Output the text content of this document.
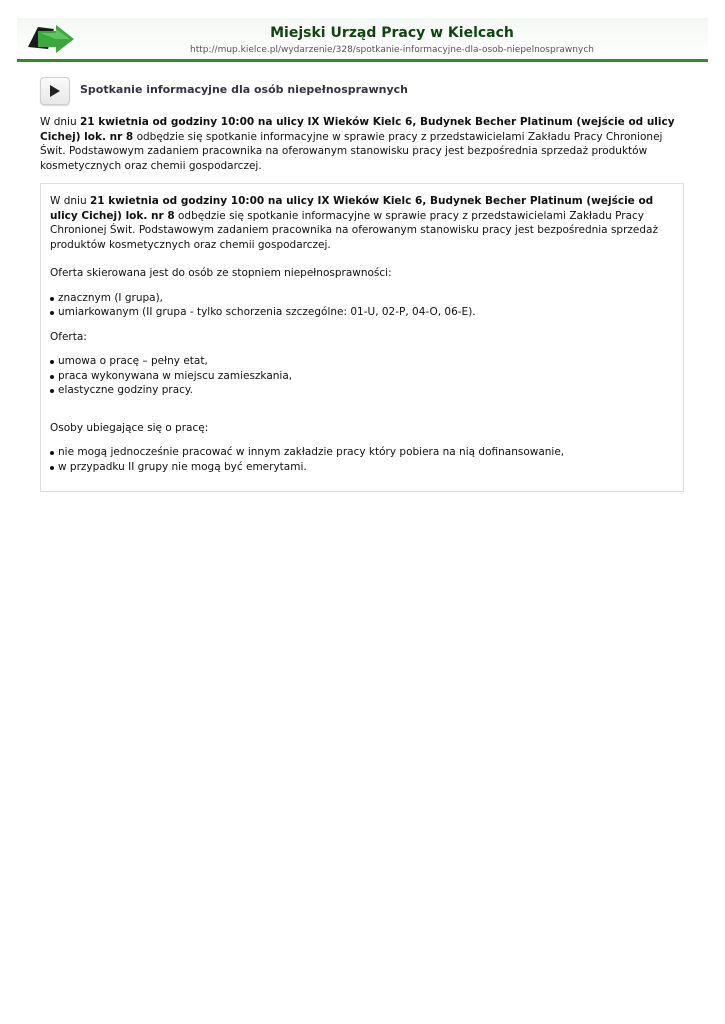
Miejski Urząd Pracy w Kielcach
http://mup.kielce.pl/wydarzenie/328/spotkanie-informacyjne-dla-osob-niepelnosprawnych
Spotkanie informacyjne dla osób niepełnosprawnych
W dniu 21 kwietnia od godziny 10:00 na ulicy IX Wieków Kielc 6, Budynek Becher Platinum (wejście od ulicy Cichej) lok. nr 8 odbędzie się spotkanie informacyjne w sprawie pracy z przedstawicielami Zakładu Pracy Chronionej Świt. Podstawowym zadaniem pracownika na oferowanym stanowisku pracy jest bezpośrednia sprzedaż produktów kosmetycznych oraz chemii gospodarczej.

W dniu 21 kwietnia od godziny 10:00 na ulicy IX Wieków Kielc 6, Budynek Becher Platinum (wejście od ulicy Cichej) lok. nr 8 odbędzie się spotkanie informacyjne w sprawie pracy z przedstawicielami Zakładu Pracy Chronionej Świt. Podstawowym zadaniem pracownika na oferowanym stanowisku pracy jest bezpośrednia sprzedaż produktów kosmetycznych oraz chemii gospodarczej.

Oferta skierowana jest do osób ze stopniem niepełnosprawności:

znacznym (I grupa),
umiarkowanym (II grupa - tylko schorzenia szczególne: 01-U, 02-P, 04-O, 06-E).

Oferta:

umowa o pracę – pełny etat,
praca wykonywana w miejscu zamieszkania,
elastyczne godziny pracy.

Osoby ubiegające się o pracę:

nie mogą jednocześnie pracować w innym zakładzie pracy który pobiera na nią dofinansowanie,
w przypadku II grupy nie mogą być emerytami.
